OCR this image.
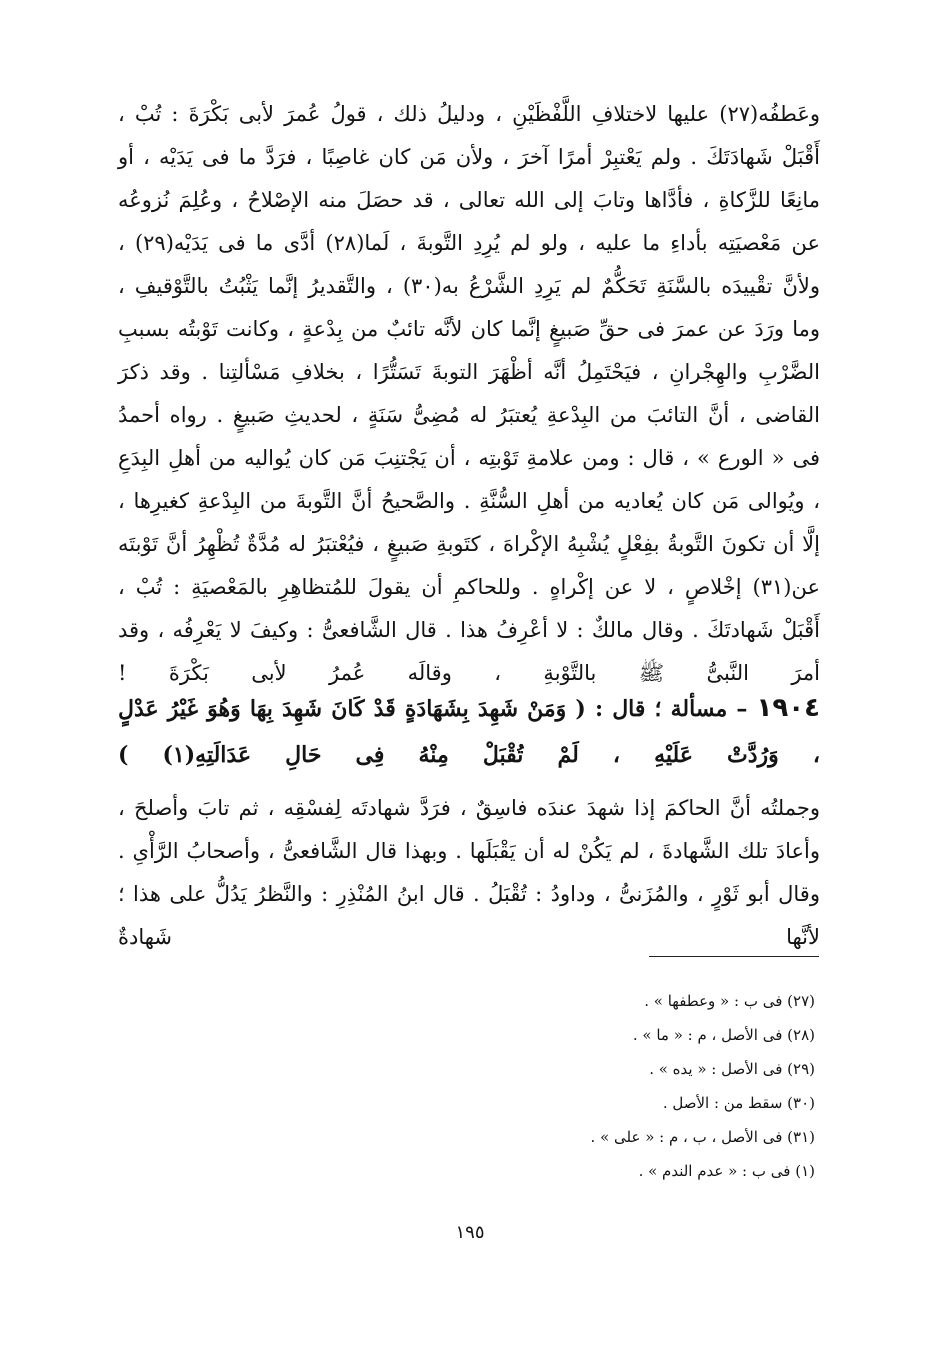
وعَطفُه(٢٧) عليها لاختلافِ اللَّفْظَيْنِ ، ودليلُ ذلك ، قولُ عُمرَ لأبى بَكْرَةَ : تُبْ ، أَقْبَلْ شَهادَتَكَ . ولم يَعْتبِرْ أمرًا آخرَ ، ولأن مَن كان غاصِبًا ، فرَدَّ ما فى يَدَيْه ، أو مانِعًا للزَّكاةِ ، فأدَّاها وتابَ إلى الله تعالى ، قد حصَلَ منه الإصْلاحُ ، وعُلِمَ نُزوعُه عن مَعْصيَتِه بأداءِ ما عليه ، ولو لم يُرِدِ التَّوبةَ ، لَما(٢٨) أدَّى ما فى يَدَيْه(٢٩) ، ولأنَّ تقْييدَه بالسَّنَةِ تَحَكُّمٌ لم يَرِدِ الشَّرْعُ به(٣٠) ، والتَّقديرُ إنَّما يَثْبُتُ بالتَّوْقيفِ ، وما ورَدَ عن عمرَ فى حقِّ صَبيغٍ إنَّما كان لأنَّه تائبٌ من بِدْعةٍ ، وكانت تَوْبتُه بسببِ الضَّرْبِ والهِجْرانِ ، فيَحْتَمِلُ أنَّه أظْهَرَ التوبةَ تَسَتُّرًا ، بخلافِ مَسْألتِنا . وقد ذكرَ القاضى ، أنَّ التائبَ من البِدْعةِ يُعتبَرُ له مُضِىُّ سَنَةٍ ، لحديثِ صَبيغٍ . رواه أحمدُ فى « الورع » ، قال : ومن علامةِ تَوْبتِه ، أن يَجْتنِبَ مَن كان يُواليه من أهلِ البِدَعِ ، ويُوالى مَن كان يُعاديه من أهلِ السُّنَّةِ . والصَّحيحُ أنَّ التَّوبةَ من البِدْعةِ كغيرِها ، إلَّا أن تكونَ التَّوبةُ بفِعْلٍ يُشْبِهُ الإكْراهَ ، كتَوبةِ صَبيغٍ ، فيُعْتبَرُ له مُدَّةٌ تُظْهِرُ أنَّ تَوْبتَه عن(٣١) إخْلاصٍ ، لا عن إكْراهٍ . وللحاكمِ أن يقولَ للمُتظاهِرِ بالمَعْصيَةِ : تُبْ ، أَقْبَلْ شَهادتَكَ . وقال مالكٌ : لا أعْرِفُ هذا . قال الشَّافعىُّ : وكيفَ لا يَعْرِفُه ، وقد أمرَ النَّبىُّ ﷺ بالتَّوْبةِ ، وقالَه عُمرُ لأبى بَكْرَةَ !

١٩٠٤ – مسألة ؛ قال : ( وَمَنْ شَهِدَ بِشَهَادَةٍ قَدْ كَانَ شَهِدَ بِهَا وَهُوَ غَيْرُ عَدْلٍ ، وَرُدَّتْ عَلَيْهِ ، لَمْ تُقْبَلْ مِنْهُ فِى حَالِ عَدَالَتِهِ(١) )

وجملتُه أنَّ الحاكمَ إذا شهدَ عندَه فاسِقٌ ، فرَدَّ شهادتَه لِفسْقِه ، ثم تابَ وأصلحَ ، وأعادَ تلك الشَّهادةَ ، لم يَكُنْ له أن يَقْبَلَها . وبهذا قال الشَّافعىُّ ، وأصحابُ الرَّأْىِ . وقال أبو ثَوْرٍ ، والمُزَنىُّ ، وداودُ : تُقْبَلُ . قال ابنُ المُنْذِرِ : والنَّظرُ يَدُلُّ على هذا ؛ لأنَّها شَهادةٌ

(٢٧) فى ب : « وعطفها » .
(٢٨) فى الأصل ، م : « ما » .
(٢٩) فى الأصل : « يده » .
(٣٠) سقط من : الأصل .
(٣١) فى الأصل ، ب ، م : « على » .
(١) فى ب : « عدم الندم » .
١٩٥
